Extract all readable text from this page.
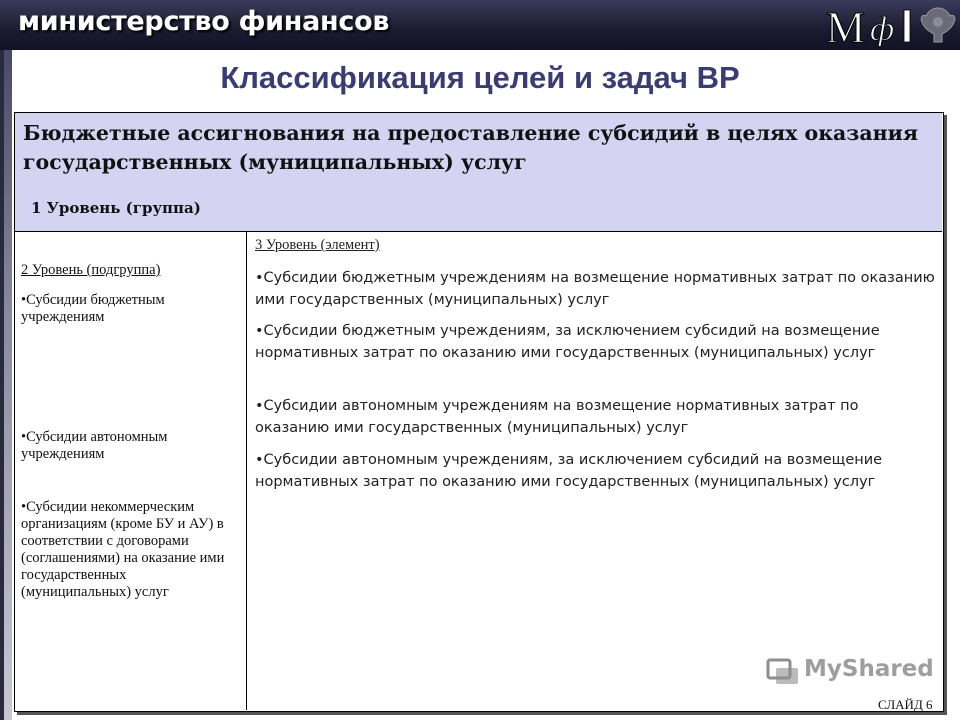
министерство финансов	М ф
Классификация целей и задач ВР
Бюджетные ассигнования на предоставление субсидий в целях оказания государственных (муниципальных) услуг
1 Уровень (группа)
2 Уровень (подгруппа)
•Субсидии бюджетным учреждениям
•Субсидии автономным учреждениям
•Субсидии некоммерческим организациям (кроме БУ и АУ) в соответствии с договорами (соглашениями) на оказание ими государственных (муниципальных) услуг
3 Уровень (элемент)
•Субсидии бюджетным учреждениям на возмещение нормативных затрат по оказанию ими государственных (муниципальных) услуг
•Субсидии бюджетным учреждениям, за исключением субсидий на возмещение нормативных затрат по оказанию ими государственных (муниципальных) услуг
•Субсидии автономным учреждениям на возмещение нормативных затрат по оказанию ими государственных (муниципальных) услуг
•Субсидии автономным учреждениям, за исключением субсидий на возмещение нормативных затрат по оказанию ими государственных (муниципальных) услуг
MyShared
СЛАЙД 6
